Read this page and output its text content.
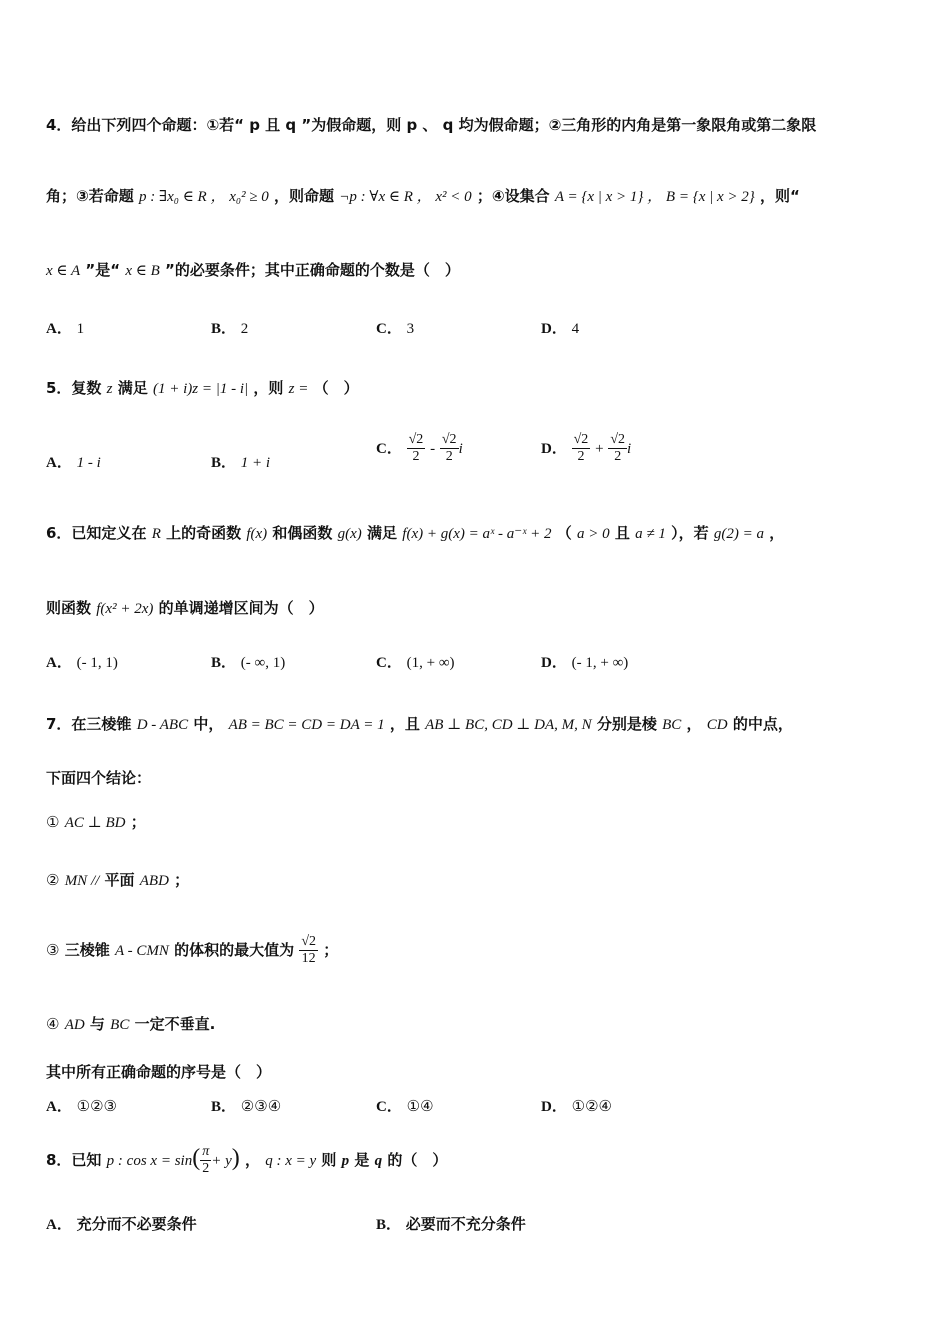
4．给出下列四个命题：①若“ p 且 q ”为假命题，则 p 、 q 均为假命题；②三角形的内角是第一象限角或第二象限
角；③若命题 p : ∃x₀ ∈ R ， x₀² ≥ 0 ，则命题 ¬p : ∀x ∈ R ， x² < 0 ；④设集合 A = {x | x > 1} ， B = {x | x > 2} ，则“
x ∈ A ”是“ x ∈ B ”的必要条件；其中正确命题的个数是（　）
A． 1	B． 2	C． 3	D． 4
5．复数 z 满足 (1 + i)z = |1 - i| ，则 z = （　）
A． 1 - i	B． 1 + i
C． $\frac{√2}{2} - \frac{√2}{2}$ i	D． $\frac{√2}{2} + \frac{√2}{2}$ i
6．已知定义在 R 上的奇函数 f(x) 和偶函数 g(x) 满足 f(x) + g(x) = aˣ - a⁻ˣ + 2 （ a > 0 且 a ≠ 1 ），若 g(2) = a ，
则函数 f(x² + 2x) 的单调递增区间为（　）
A． (- 1, 1)	B． (- ∞, 1)	C． (1, + ∞)	D． (- 1, + ∞)
7．在三棱锥 D - ABC 中， AB = BC = CD = DA = 1 ，且 AB ⊥ BC, CD ⊥ DA, M, N 分别是棱 BC ， CD 的中点，
下面四个结论：
① AC ⊥ BD ；
② MN // 平面 ABD ；
③ 三棱锥 A - CMN 的体积的最大值为 $\frac{√2}{12}$ ；
④ AD 与 BC 一定不垂直.
其中所有正确命题的序号是（　）
A． ①②③	B． ②③④	C． ①④	D． ①②④
8．已知 p : $\cos x = \sin( \frac{\pi}{2} + y)$ ， q : x = y 则 p 是 q 的（　）
A． 充分而不必要条件	B． 必要而不充分条件
